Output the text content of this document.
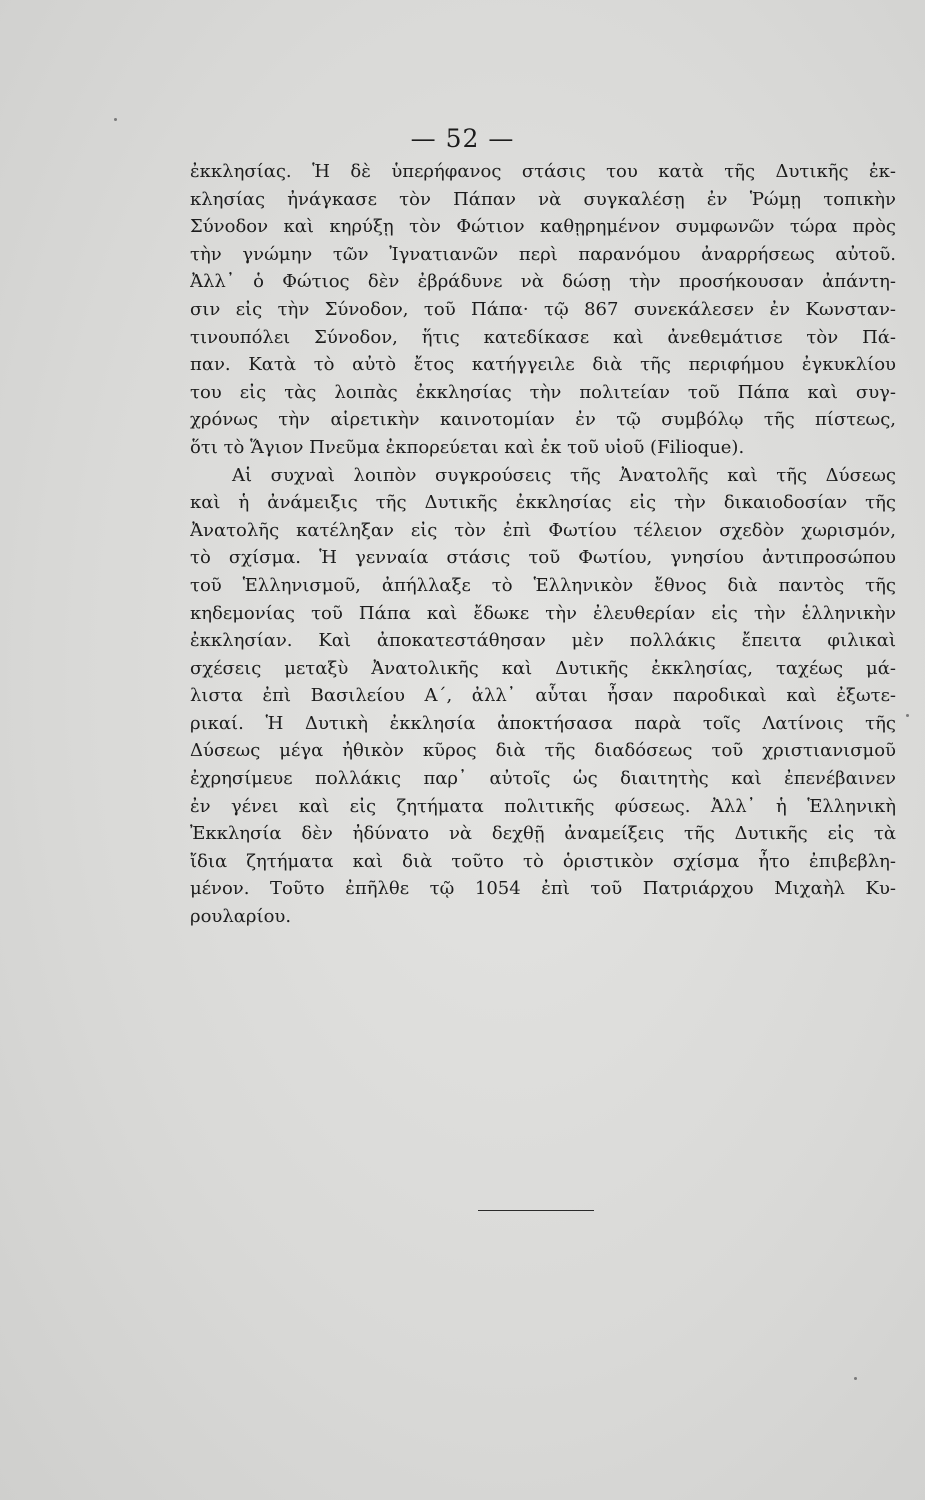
— 52 —
ἐκκλησίας. Ἡ δὲ ὑπερήφανος στάσις του κατὰ τῆς Δυτικῆς ἐκ-
κλησίας ἠνάγκασε τὸν Πάπαν νὰ συγκαλέσῃ ἐν Ῥώμῃ τοπικὴν
Σύνοδον καὶ κηρύξῃ τὸν Φώτιον καθῃρημένον συμφωνῶν τώρα πρὸς
τὴν γνώμην τῶν Ἰγνατιανῶν περὶ παρανόμου ἀναρρήσεως αὐτοῦ.
Ἀλλ᾽ ὁ Φώτιος δὲν ἐβράδυνε νὰ δώσῃ τὴν προσήκουσαν ἀπάντη-
σιν εἰς τὴν Σύνοδον, τοῦ Πάπα· τῷ 867 συνεκάλεσεν ἐν Κωνσταν-
τινουπόλει Σύνοδον, ἥτις κατεδίκασε καὶ ἀνεθεμάτισε τὸν Πά-
παν. Κατὰ τὸ αὐτὸ ἔτος κατήγγειλε διὰ τῆς περιφήμου ἐγκυκλίου
του εἰς τὰς λοιπὰς ἐκκλησίας τὴν πολιτείαν τοῦ Πάπα καὶ συγ-
χρόνως τὴν αἱρετικὴν καινοτομίαν ἐν τῷ συμβόλῳ τῆς πίστεως,
ὅτι τὸ Ἅγιον Πνεῦμα ἐκπορεύεται καὶ ἐκ τοῦ υἱοῦ (Filioque).
Αἱ συχναὶ λοιπὸν συγκρούσεις τῆς Ἀνατολῆς καὶ τῆς Δύσεως
καὶ ἡ ἀνάμειξις τῆς Δυτικῆς ἐκκλησίας εἰς τὴν δικαιοδοσίαν τῆς
Ἀνατολῆς κατέληξαν εἰς τὸν ἐπὶ Φωτίου τέλειον σχεδὸν χωρισμόν,
τὸ σχίσμα. Ἡ γενναία στάσις τοῦ Φωτίου, γνησίου ἀντιπροσώπου
τοῦ Ἑλληνισμοῦ, ἀπήλλαξε τὸ Ἑλληνικὸν ἔθνος διὰ παντὸς τῆς
κηδεμονίας τοῦ Πάπα καὶ ἔδωκε τὴν ἐλευθερίαν εἰς τὴν ἑλληνικὴν
ἐκκλησίαν. Καὶ ἀποκατεστάθησαν μὲν πολλάκις ἔπειτα φιλικαὶ
σχέσεις μεταξὺ Ἀνατολικῆς καὶ Δυτικῆς ἐκκλησίας, ταχέως μά-
λιστα ἐπὶ Βασιλείου Α΄, ἀλλ᾽ αὗται ἦσαν παροδικαὶ καὶ ἐξωτε-
ρικαί. Ἡ Δυτικὴ ἐκκλησία ἀποκτήσασα παρὰ τοῖς Λατίνοις τῆς
Δύσεως μέγα ἠθικὸν κῦρος διὰ τῆς διαδόσεως τοῦ χριστιανισμοῦ
ἐχρησίμευε πολλάκις παρ᾽ αὐτοῖς ὡς διαιτητὴς καὶ ἐπενέβαινεν
ἐν γένει καὶ εἰς ζητήματα πολιτικῆς φύσεως. Ἀλλ᾽ ἡ Ἑλληνικὴ
Ἐκκλησία δὲν ἠδύνατο νὰ δεχθῇ ἀναμείξεις τῆς Δυτικῆς εἰς τὰ
ἴδια ζητήματα καὶ διὰ τοῦτο τὸ ὁριστικὸν σχίσμα ἦτο ἐπιβεβλη-
μένον. Τοῦτο ἐπῆλθε τῷ 1054 ἐπὶ τοῦ Πατριάρχου Μιχαὴλ Κυ-
ρουλαρίου.
